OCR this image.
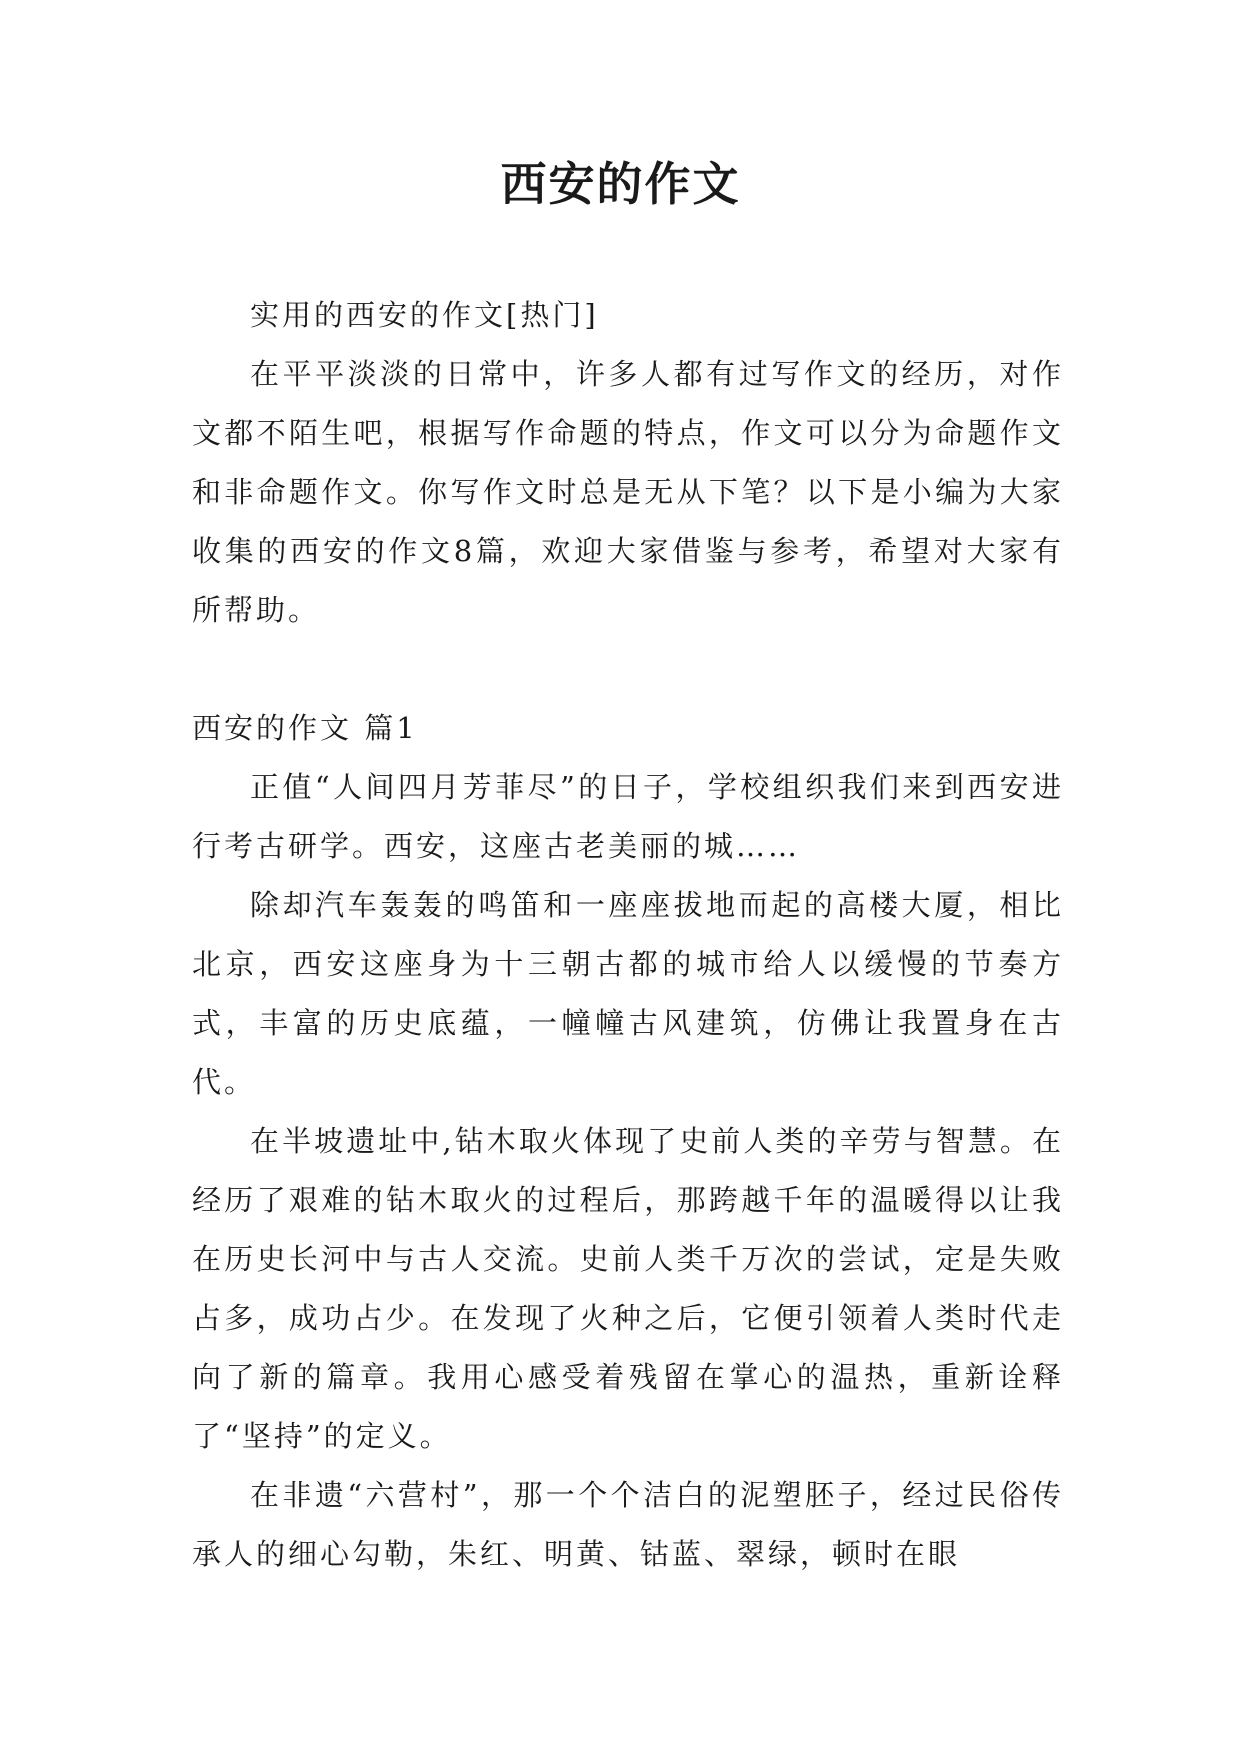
西安的作文

实用的西安的作文[热门]

在平平淡淡的日常中，许多人都有过写作文的经历，对作文都不陌生吧，根据写作命题的特点，作文可以分为命题作文和非命题作文。你写作文时总是无从下笔？以下是小编为大家收集的西安的作文8篇，欢迎大家借鉴与参考，希望对大家有所帮助。

西安的作文 篇1

正值“人间四月芳菲尽”的日子，学校组织我们来到西安进行考古研学。西安，这座古老美丽的城……

除却汽车轰轰的鸣笛和一座座拔地而起的高楼大厦，相比北京，西安这座身为十三朝古都的城市给人以缓慢的节奏方式，丰富的历史底蕴，一幢幢古风建筑，仿佛让我置身在古代。

在半坡遗址中,钻木取火体现了史前人类的辛劳与智慧。在经历了艰难的钻木取火的过程后，那跨越千年的温暖得以让我在历史长河中与古人交流。史前人类千万次的尝试，定是失败占多，成功占少。在发现了火种之后，它便引领着人类时代走向了新的篇章。我用心感受着残留在掌心的温热，重新诠释了“坚持”的定义。

在非遗“六营村”，那一个个洁白的泥塑胚子，经过民俗传承人的细心勾勒，朱红、明黄、钴蓝、翠绿，顿时在眼
